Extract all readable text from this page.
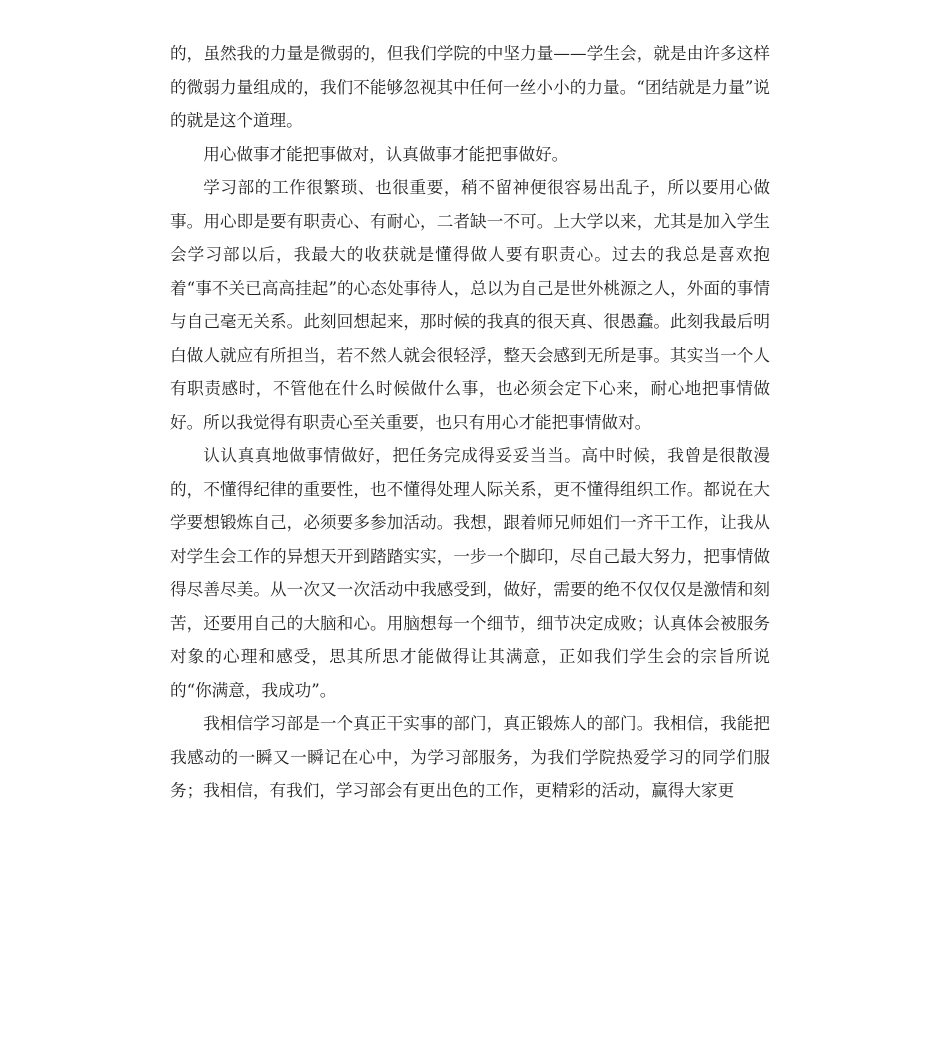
的，虽然我的力量是微弱的，但我们学院的中坚力量——学生会，就是由许多这样的微弱力量组成的，我们不能够忽视其中任何一丝小小的力量。“团结就是力量”说的就是这个道理。

用心做事才能把事做对，认真做事才能把事做好。

学习部的工作很繁琐、也很重要，稍不留神便很容易出乱子，所以要用心做事。用心即是要有职责心、有耐心，二者缺一不可。上大学以来，尤其是加入学生会学习部以后，我最大的收获就是懂得做人要有职责心。过去的我总是喜欢抱着“事不关已高高挂起”的心态处事待人，总以为自己是世外桃源之人，外面的事情与自己毫无关系。此刻回想起来，那时候的我真的很天真、很愚蠢。此刻我最后明白做人就应有所担当，若不然人就会很轻浮，整天会感到无所是事。其实当一个人有职责感时，不管他在什么时候做什么事，也必须会定下心来，耐心地把事情做好。所以我觉得有职责心至关重要，也只有用心才能把事情做对。

认认真真地做事情做好，把任务完成得妥妥当当。高中时候，我曾是很散漫的，不懂得纪律的重要性，也不懂得处理人际关系，更不懂得组织工作。都说在大学要想锻炼自己，必须要多参加活动。我想，跟着师兄师姐们一齐干工作，让我从对学生会工作的异想天开到踏踏实实，一步一个脚印，尽自己最大努力，把事情做得尽善尽美。从一次又一次活动中我感受到，做好，需要的绝不仅仅仅是激情和刻苦，还要用自己的大脑和心。用脑想每一个细节，细节决定成败；认真体会被服务对象的心理和感受，思其所思才能做得让其满意，正如我们学生会的宗旨所说的“你满意，我成功”。

我相信学习部是一个真正干实事的部门，真正锻炼人的部门。我相信，我能把我感动的一瞬又一瞬记在心中，为学习部服务，为我们学院热爱学习的同学们服务；我相信，有我们，学习部会有更出色的工作，更精彩的活动，赢得大家更
